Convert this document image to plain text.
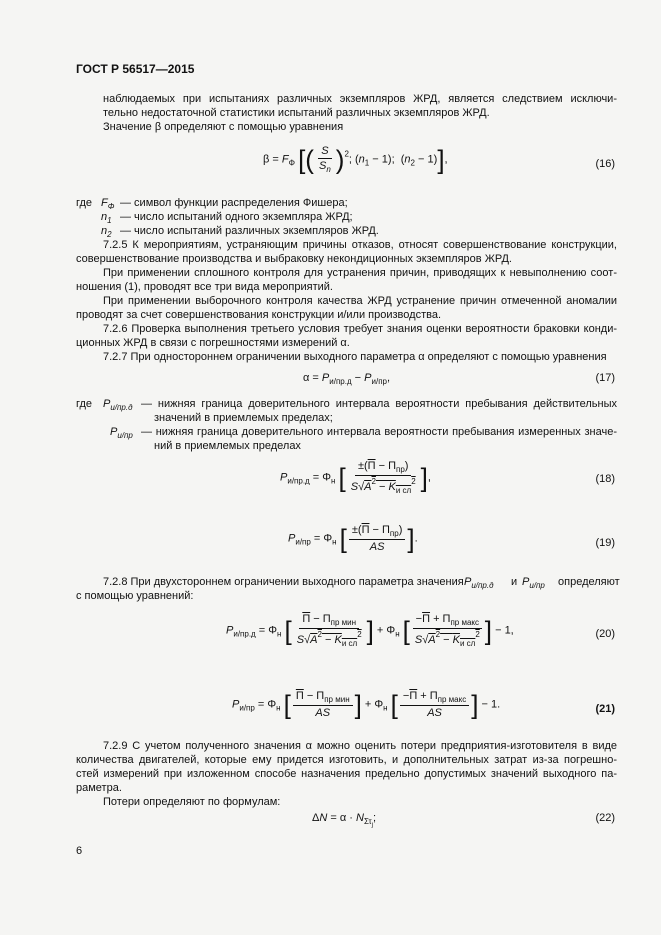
ГОСТ Р 56517—2015
наблюдаемых при испытаниях различных экземпляров ЖРД, является следствием исключи-
тельно недостаточной статистики испытаний различных экземпляров ЖРД.
Значение β определяют с помощью уравнения
$\beta = F_\Phi$ [( $\frac{S}{S_n} )^2$; $(n_1 - 1)$;  $(n_2 - 1)$],	(16)
где $F_\Phi$ — символ функции распределения Фишера;
$n_1$ — число испытаний одного экземпляра ЖРД;
$n_2$ — число испытаний различных экземпляров ЖРД.
7.2.5 К мероприятиям, устраняющим причины отказов, относят совершенствование конструкции,
совершенствование производства и выбраковку некондиционных экземпляров ЖРД.
При применении сплошного контроля для устранения причин, приводящих к невыполнению соот-
ношения (1), проводят все три вида мероприятий.
При применении выборочного контроля качества ЖРД устранение причин отмеченной аномалии
проводят за счет совершенствования конструкции и/или производства.
7.2.6 Проверка выполнения третьего условия требует знания оценки вероятности браковки конди-
ционных ЖРД в связи с погрешностями измерений α.
7.2.7 При одностороннем ограничении выходного параметра α определяют с помощью уравнения
$\alpha = P_{и/пр.д} - P_{и/пр}$,	(17)
где $P_{и/пр.д}$ — нижняя граница доверительного интервала вероятности пребывания действительных
значений в приемлемых пределах;
$P_{и/пр}$ — нижняя граница доверительного интервала вероятности пребывания измеренных значе-
ний в приемлемых пределах
$P_{и/пр.д} = \Phi_н$ [ $\frac{\pm(П - П_{пр})}{S√A^2 - K_{и сл}^2}$ ],	(18)
$P_{и/пр} = \Phi_н$ [ $\frac{\pm(П - П_{пр})}{AS}$ ].	(19)
7.2.8 При двухстороннем ограничении выходного параметра значения $P_{и/пр.д}$ и $P_{и/пр}$ определяют
с помощью уравнений:
$P_{и/пр.д} = \Phi_н$ [ $\frac{П - П_{пр мин}}{S√A^2 - K_{и сл}^2}$ ] + $\Phi_н$ [ $\frac{-П + П_{пр макс}}{S√A^2 - K_{и сл}^2}$ ] − 1,	(20)
$P_{и/пр} = \Phi_н$ [ $\frac{П - П_{пр мин}}{AS}$ ] + $\Phi_н$ [ $\frac{-П + П_{пр макс}}{AS}$ ] − 1.	(21)
7.2.9 С учетом полученного значения α можно оценить потери предприятия-изготовителя в виде
количества двигателей, которые ему придется изготовить, и дополнительных затрат из-за погрешно-
стей измерений при изложенном способе назначения предельно допустимых значений выходного па-
раметра.
Потери определяют по формулам:
$\Delta N = \alpha \cdot N_{\Sigma\tau_j}$;	(22)
6
